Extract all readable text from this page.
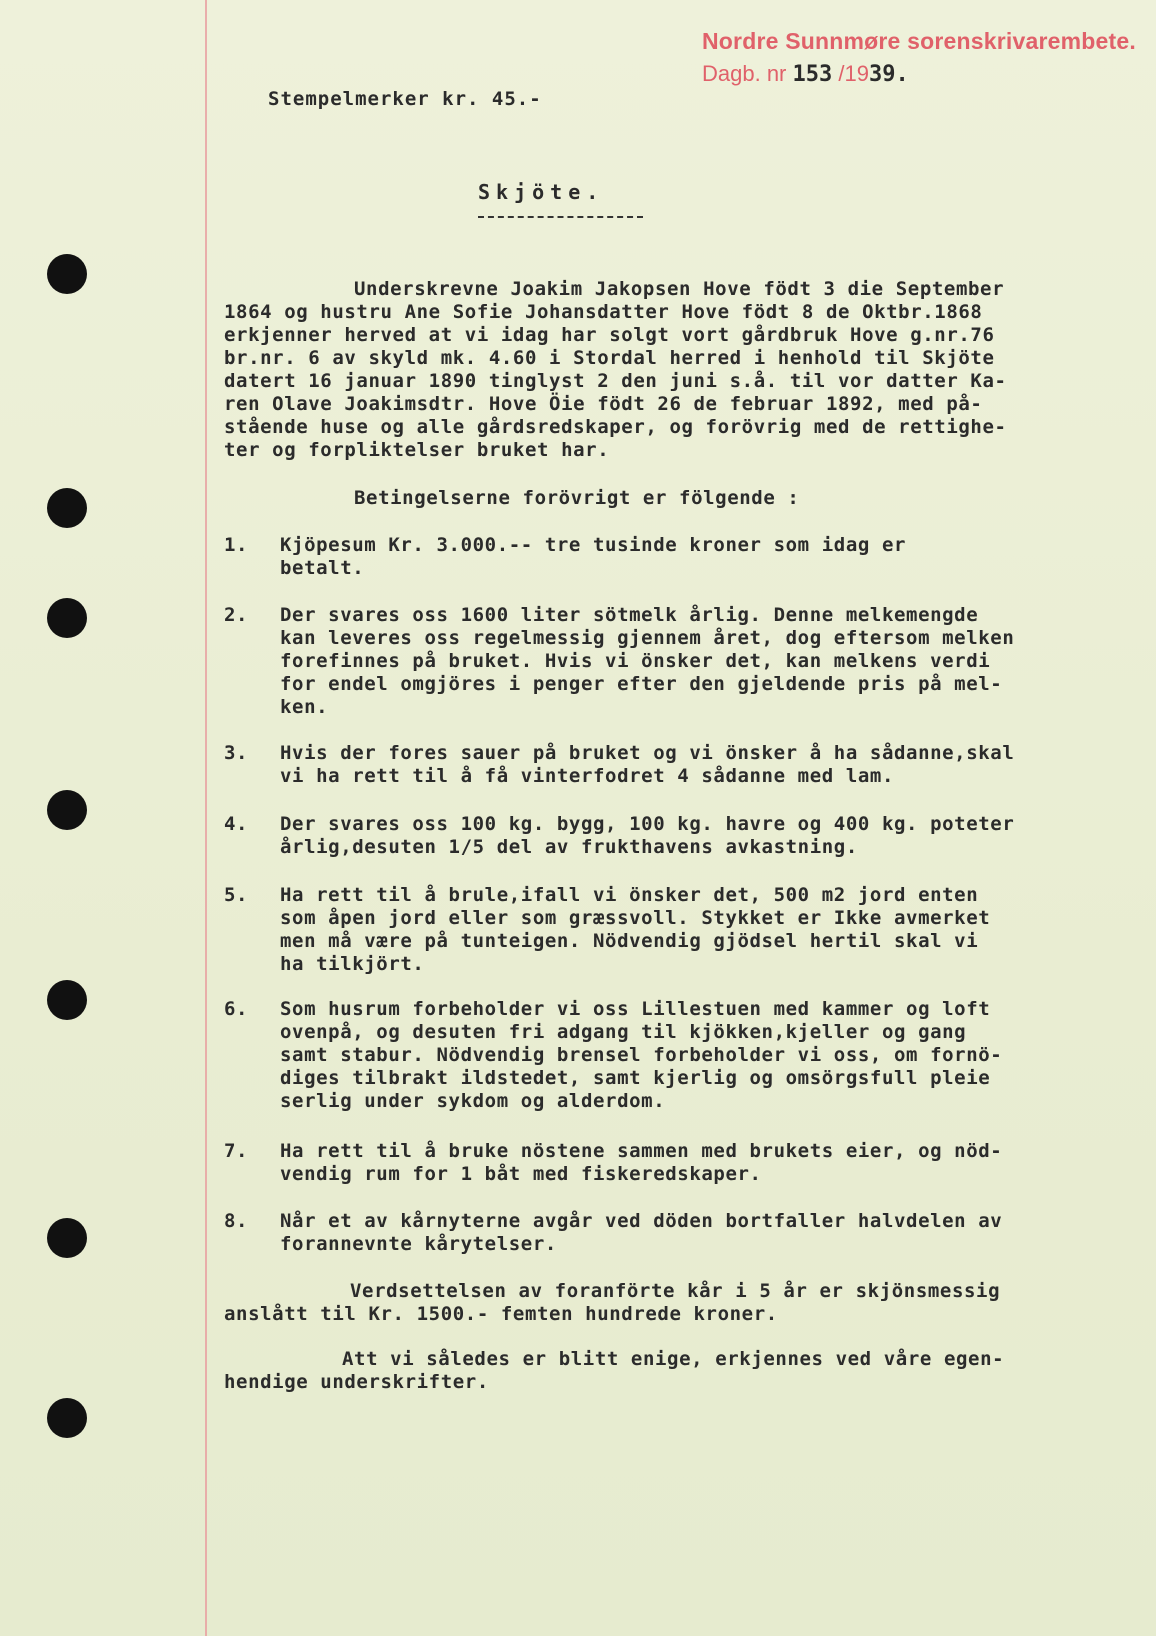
Nordre Sunnmøre sorenskrivarembete.
Dagb. nr 153 /1939.
Stempelmerker kr. 45.-
Skjöte.
Underskrevne Joakim Jakopsen Hove födt 3 die September
1864 og hustru Ane Sofie Johansdatter Hove födt 8 de Oktbr.1868
erkjenner herved at vi idag har solgt vort gårdbruk Hove g.nr.76
br.nr. 6 av skyld mk. 4.60 i Stordal herred i henhold til Skjöte
datert 16 januar 1890 tinglyst 2 den juni s.å. til vor datter Ka-
ren Olave Joakimsdtr. Hove Öie födt 26 de februar 1892, med på-
stående huse og alle gårdsredskaper, og forövrig med de rettighe-
ter og forpliktelser bruket har.
Betingelserne forövrigt er fölgende :
1. Kjöpesum Kr. 3.000.-- tre tusinde kroner som idag er
betalt.
2. Der svares oss 1600 liter sötmelk årlig. Denne melkemengde
kan leveres oss regelmessig gjennem året, dog eftersom melken
forefinnes på bruket. Hvis vi önsker det, kan melkens verdi
for endel omgjöres i penger efter den gjeldende pris på mel-
ken.
3. Hvis der fores sauer på bruket og vi önsker å ha sådanne,skal
vi ha rett til å få vinterfodret 4 sådanne med lam.
4. Der svares oss 100 kg. bygg, 100 kg. havre og 400 kg. poteter
årlig,desuten 1/5 del av frukthavens avkastning.
5. Ha rett til å brule,ifall vi önsker det, 500 m2 jord enten
som åpen jord eller som græssvoll. Stykket er Ikke avmerket
men må være på tunteigen. Nödvendig gjödsel hertil skal vi
ha tilkjört.
6. Som husrum forbeholder vi oss Lillestuen med kammer og loft
ovenpå, og desuten fri adgang til kjökken,kjeller og gang
samt stabur. Nödvendig brensel forbeholder vi oss, om fornö-
diges tilbrakt ildstedet, samt kjerlig og omsörgsfull pleie
serlig under sykdom og alderdom.
7. Ha rett til å bruke nöstene sammen med brukets eier, og nöd-
vendig rum for 1 båt med fiskeredskaper.
8. Når et av kårnyterne avgår ved döden bortfaller halvdelen av
forannevnte kårytelser.
Verdsettelsen av foranförte kår i 5 år er skjönsmessig
anslått til Kr. 1500.- femten hundrede kroner.
Att vi således er blitt enige, erkjennes ved våre egen-
hendige underskrifter.
